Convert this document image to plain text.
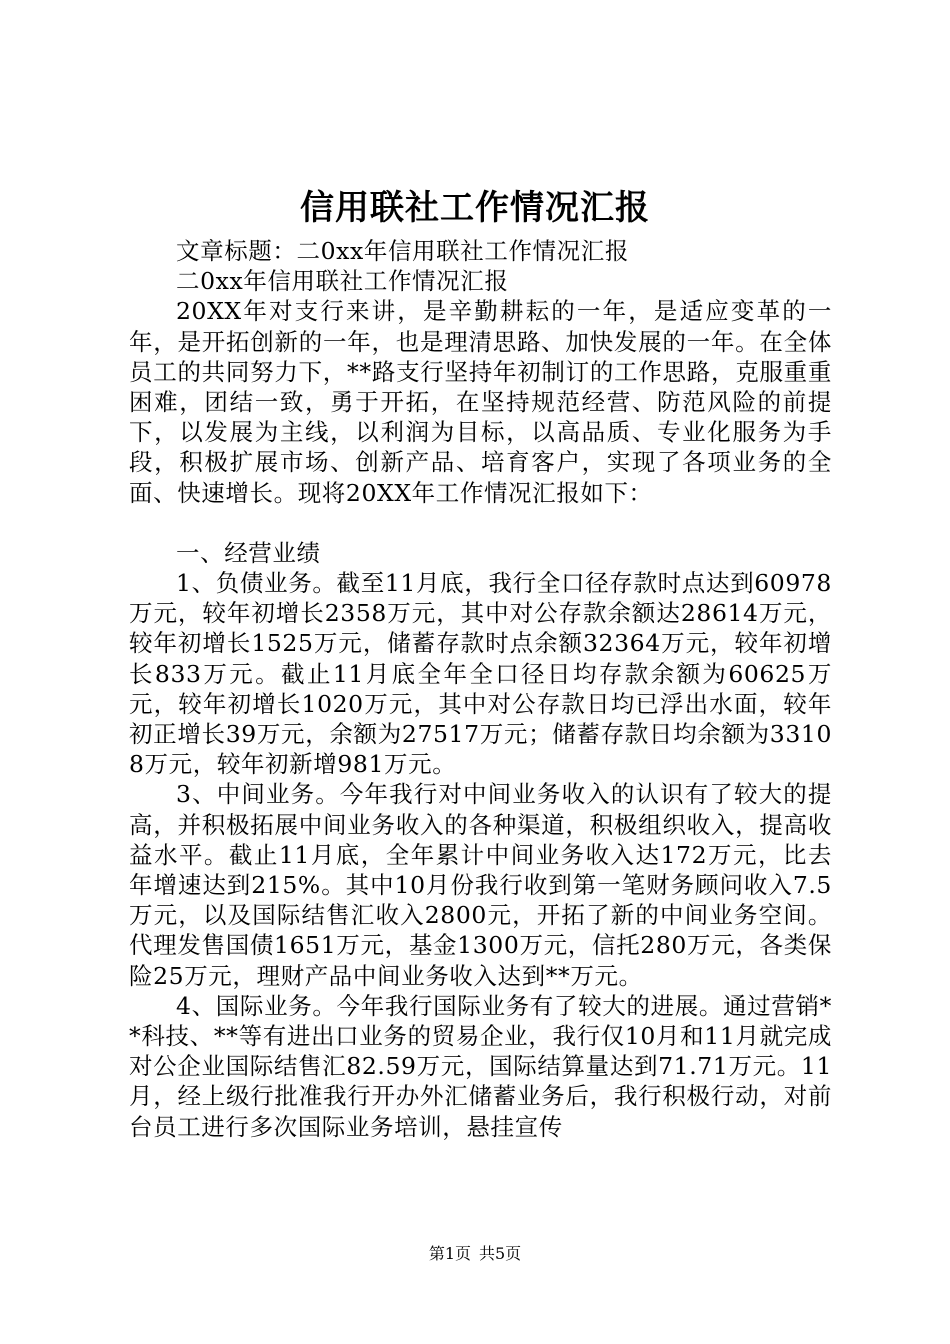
信用联社工作情况汇报

文章标题：二0xx年信用联社工作情况汇报

二0xx年信用联社工作情况汇报

20XX年对支行来讲，是辛勤耕耘的一年，是适应变革的一年，是开拓创新的一年，也是理清思路、加快发展的一年。在全体员工的共同努力下，**路支行坚持年初制订的工作思路，克服重重困难，团结一致，勇于开拓，在坚持规范经营、防范风险的前提下，以发展为主线，以利润为目标，以高品质、专业化服务为手段，积极扩展市场、创新产品、培育客户，实现了各项业务的全面、快速增长。现将20XX年工作情况汇报如下：

一、经营业绩

1、负债业务。截至11月底，我行全口径存款时点达到60978万元，较年初增长2358万元，其中对公存款余额达28614万元，较年初增长1525万元，储蓄存款时点余额32364万元，较年初增长833万元。截止11月底全年全口径日均存款余额为60625万元，较年初增长1020万元，其中对公存款日均已浮出水面，较年初正增长39万元，余额为27517万元；储蓄存款日均余额为33108万元，较年初新增981万元。

3、中间业务。今年我行对中间业务收入的认识有了较大的提高，并积极拓展中间业务收入的各种渠道，积极组织收入，提高收益水平。截止11月底，全年累计中间业务收入达172万元，比去年增速达到215%。其中10月份我行收到第一笔财务顾问收入7.5万元，以及国际结售汇收入2800元，开拓了新的中间业务空间。代理发售国债1651万元，基金1300万元，信托280万元，各类保险25万元，理财产品中间业务收入达到**万元。

4、国际业务。今年我行国际业务有了较大的进展。通过营销**科技、**等有进出口业务的贸易企业，我行仅10月和11月就完成对公企业国际结售汇82.59万元，国际结算量达到71.71万元。11月，经上级行批准我行开办外汇储蓄业务后，我行积极行动，对前台员工进行多次国际业务培训，悬挂宣传

第1页 共5页
